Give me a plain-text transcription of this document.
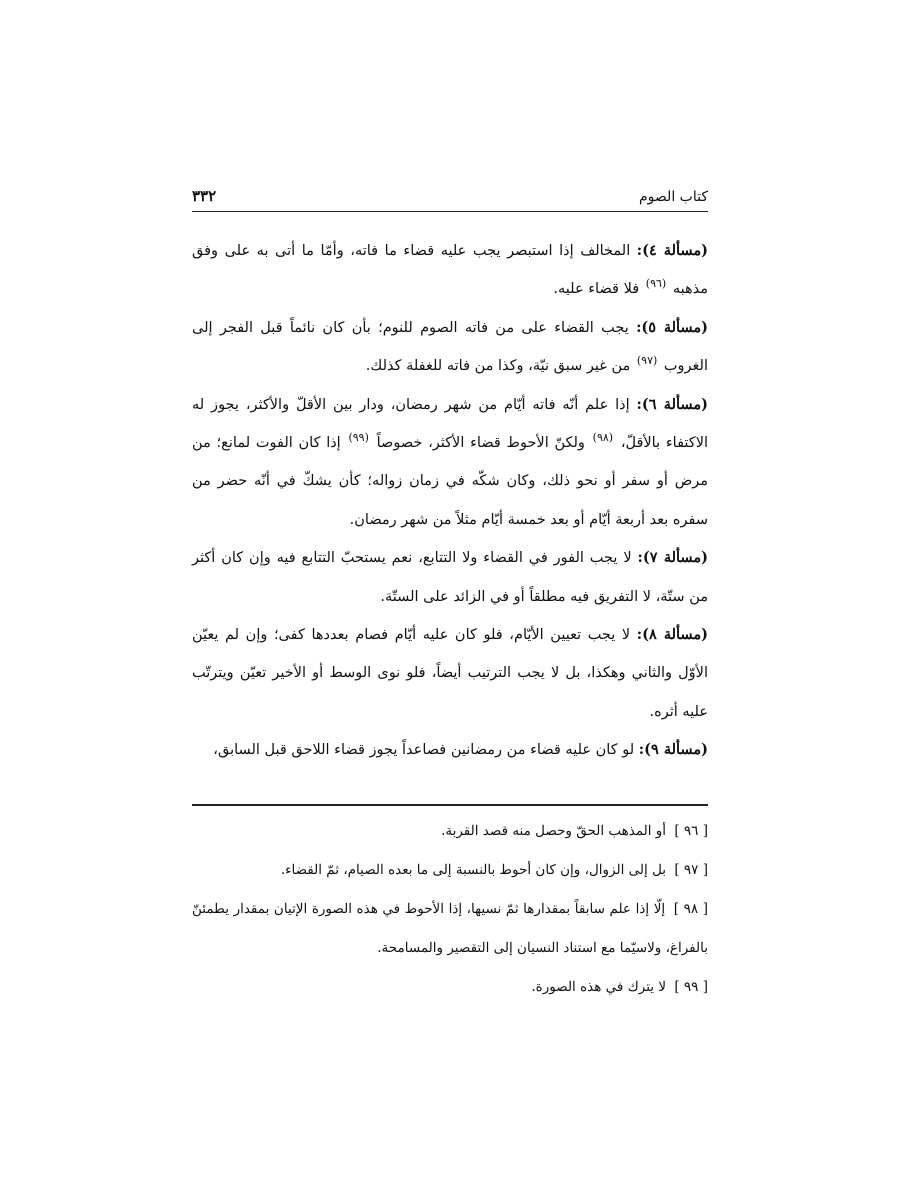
كتاب الصوم
٣٣٢

(مسألة ٤): المخالف إذا استبصر يجب عليه قضاء ما فاته، وأمّا ما أتى به على وفق مذهبه $^{(٩٦)}$ فلا قضاء عليه.

(مسألة ٥): يجب القضاء على من فاته الصوم للنوم؛ بأن كان نائماً قبل الفجر إلى الغروب $^{(٩٧)}$ من غير سبق نيّة، وكذا من فاته للغفلة كذلك.

(مسألة ٦): إذا علم أنّه فاته أيّام من شهر رمضان، ودار بين الأقلّ والأكثر، يجوز له الاكتفاء بالأقلّ، $^{(٩٨)}$ ولكنّ الأحوط قضاء الأكثر، خصوصاً $^{(٩٩)}$ إذا كان الفوت لمانع؛ من مرض أو سفر أو نحو ذلك، وكان شكّه في زمان زواله؛ كأن يشكّ في أنّه حضر من سفره بعد أربعة أيّام أو بعد خمسة أيّام مثلاً من شهر رمضان.

(مسألة ٧): لا يجب الفور في القضاء ولا التتابع، نعم يستحبّ التتابع فيه وإن كان أكثر من ستّة، لا التفريق فيه مطلقاً أو في الزائد على الستّة.

(مسألة ٨): لا يجب تعيين الأيّام، فلو كان عليه أيّام فصام بعددها كفى؛ وإن لم يعيّن الأوّل والثاني وهكذا، بل لا يجب الترتيب أيضاً، فلو نوى الوسط أو الأخير تعيّن ويترتّب عليه أثره.

(مسألة ٩): لو كان عليه قضاء من رمضانين فصاعداً يجوز قضاء اللاحق قبل السابق،

[ ٩٦ ] أو المذهب الحقّ وحصل منه قصد القربة.

[ ٩٧ ] بل إلى الزوال، وإن كان أحوط بالنسبة إلى ما بعده الصيام، ثمّ القضاء.

[ ٩٨ ] إلّا إذا علم سابقاً بمقدارها ثمّ نسيها، إذا الأحوط في هذه الصورة الإتيان بمقدار يطمئنّ بالفراغ، ولاسيّما مع استناد النسيان إلى التقصير والمسامحة.

[ ٩٩ ] لا يترك في هذه الصورة.
